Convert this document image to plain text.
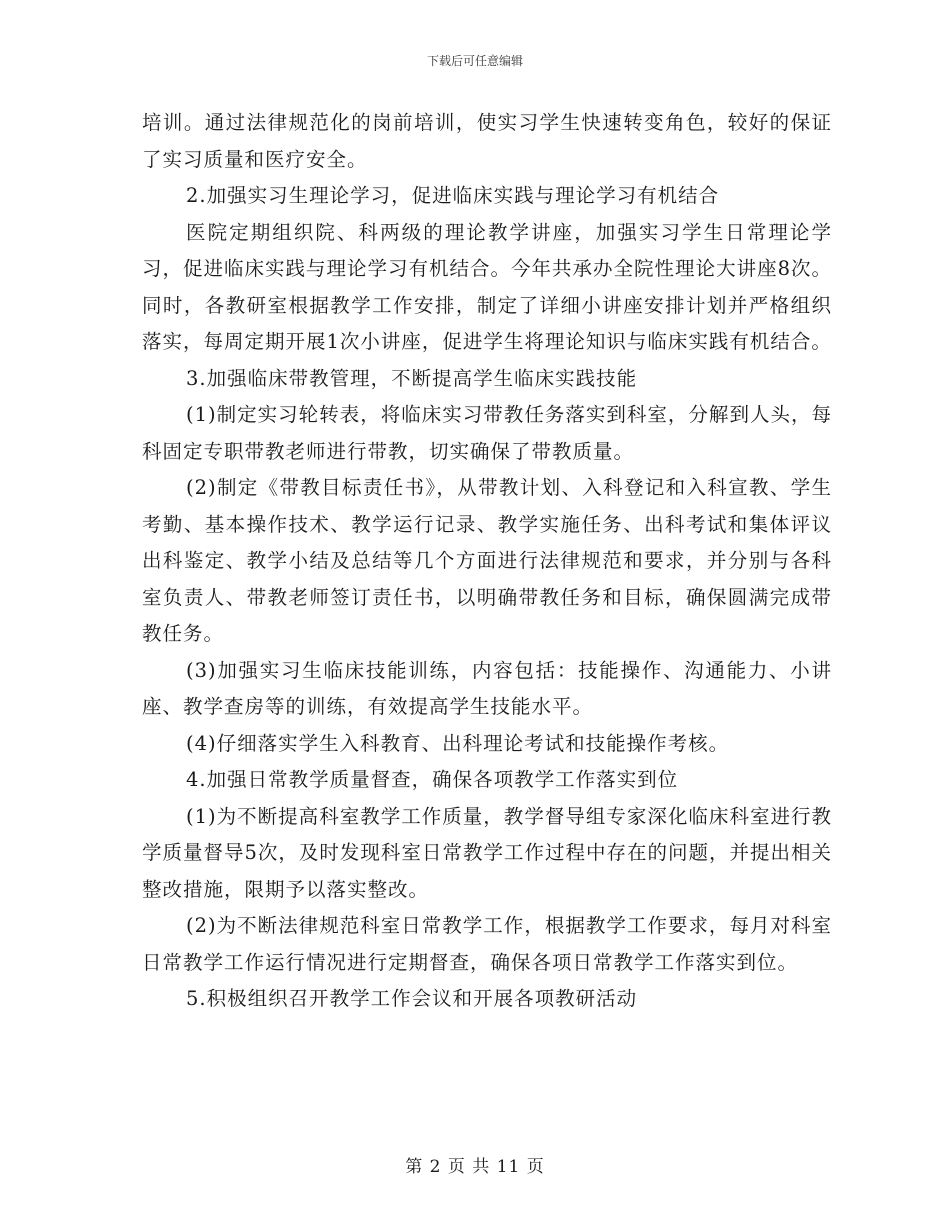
下载后可任意编辑

培训。通过法律规范化的岗前培训，使实习学生快速转变角色，较好的保证了实习质量和医疗安全。

2.加强实习生理论学习，促进临床实践与理论学习有机结合

医院定期组织院、科两级的理论教学讲座，加强实习学生日常理论学习，促进临床实践与理论学习有机结合。今年共承办全院性理论大讲座8次。同时，各教研室根据教学工作安排，制定了详细小讲座安排计划并严格组织落实，每周定期开展1次小讲座，促进学生将理论知识与临床实践有机结合。

3.加强临床带教管理，不断提高学生临床实践技能

(1)制定实习轮转表，将临床实习带教任务落实到科室，分解到人头，每科固定专职带教老师进行带教，切实确保了带教质量。

(2)制定《带教目标责任书》，从带教计划、入科登记和入科宣教、学生考勤、基本操作技术、教学运行记录、教学实施任务、出科考试和集体评议出科鉴定、教学小结及总结等几个方面进行法律规范和要求，并分别与各科室负责人、带教老师签订责任书，以明确带教任务和目标，确保圆满完成带教任务。

(3)加强实习生临床技能训练，内容包括：技能操作、沟通能力、小讲座、教学查房等的训练，有效提高学生技能水平。

(4)仔细落实学生入科教育、出科理论考试和技能操作考核。

4.加强日常教学质量督查，确保各项教学工作落实到位

(1)为不断提高科室教学工作质量，教学督导组专家深化临床科室进行教学质量督导5次，及时发现科室日常教学工作过程中存在的问题，并提出相关整改措施，限期予以落实整改。

(2)为不断法律规范科室日常教学工作，根据教学工作要求，每月对科室日常教学工作运行情况进行定期督查，确保各项日常教学工作落实到位。

5.积极组织召开教学工作会议和开展各项教研活动

第 2 页 共 11 页
